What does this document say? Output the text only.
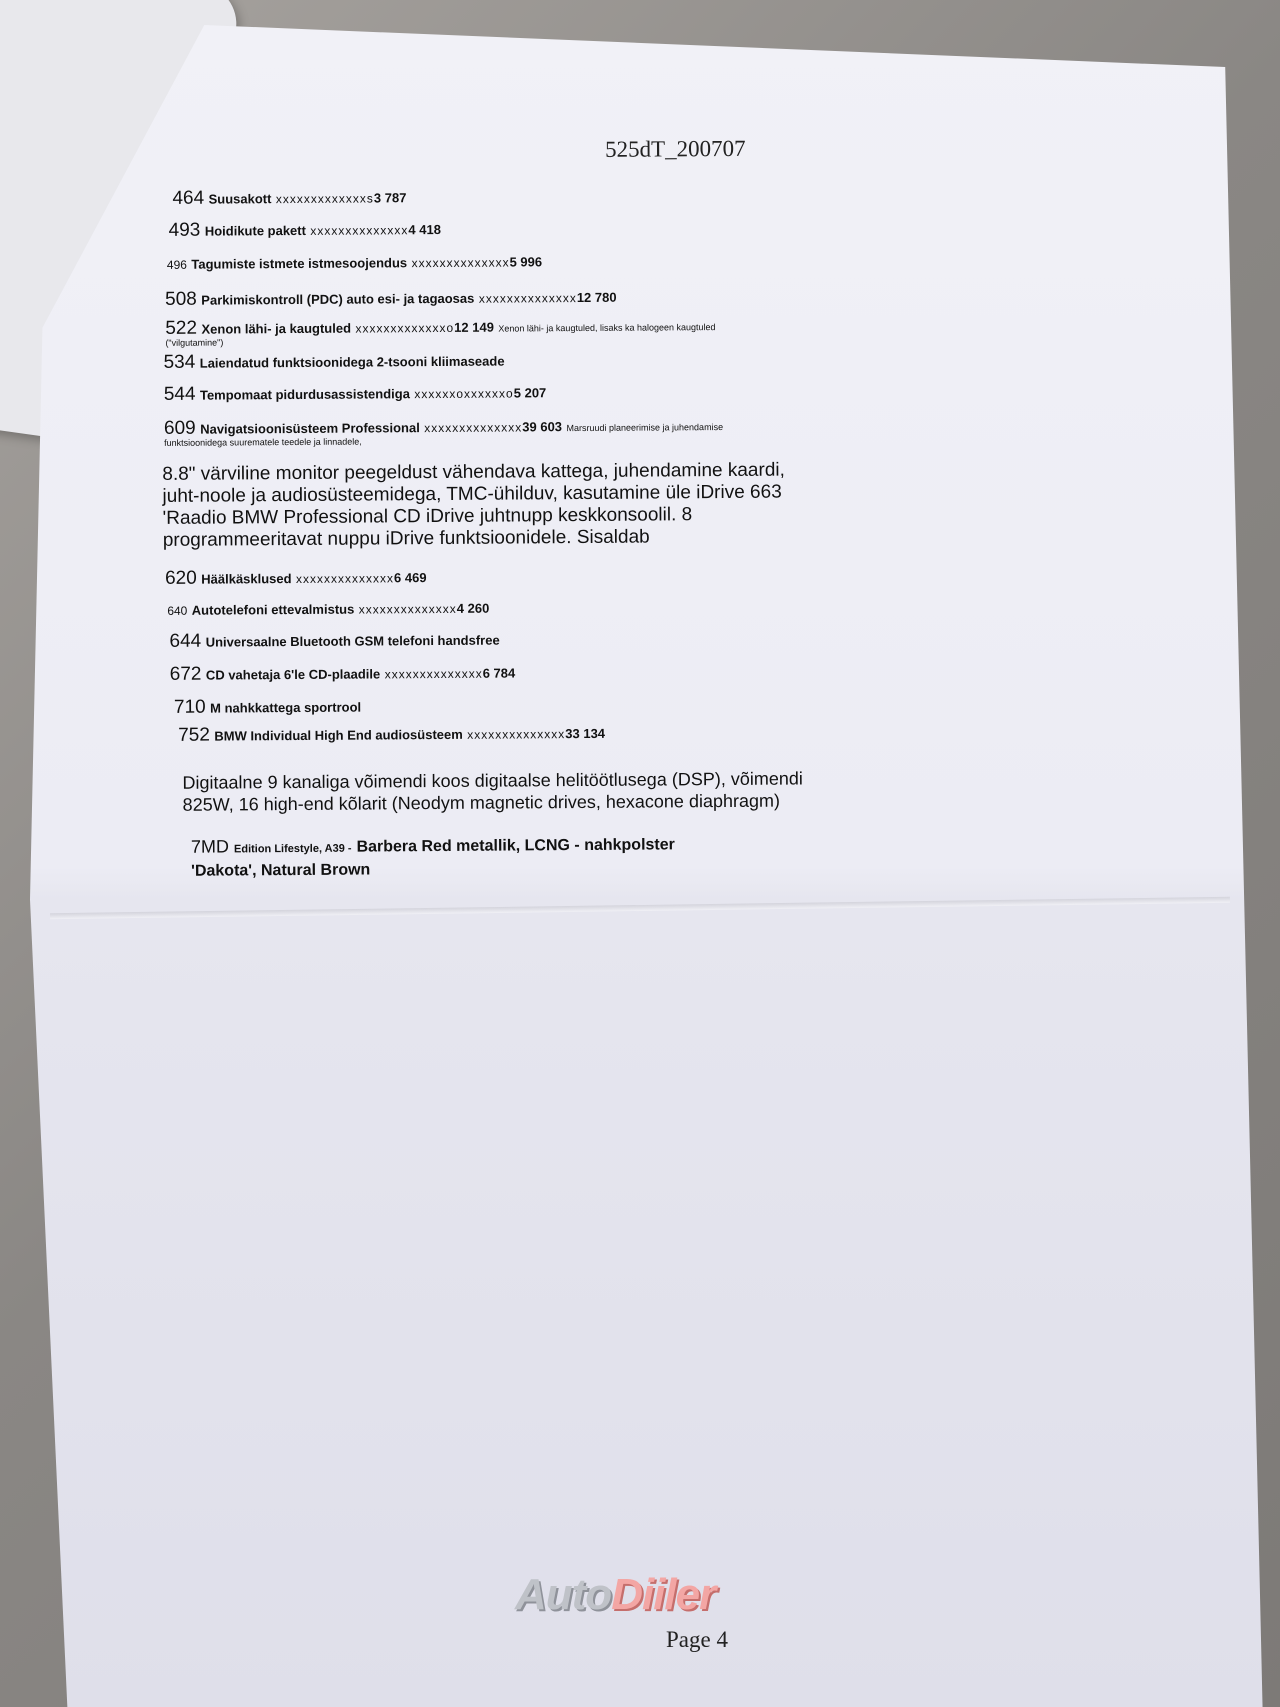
525dT_200707
464 Suusakott xxxxxxxxxxxxxs3 787
493 Hoidikute pakett xxxxxxxxxxxxxx4 418
496 Tagumiste istmete istmesoojendus xxxxxxxxxxxxxx5 996
508 Parkimiskontroll (PDC) auto esi- ja tagaosas xxxxxxxxxxxxxx12 780
522 Xenon lähi- ja kaugtuled xxxxxxxxxxxxxo12 149 Xenon lähi- ja kaugtuled, lisaks ka halogeen kaugtuled
("vilgutamine")
534 Laiendatud funktsioonidega 2-tsooni kliimaseade
544 Tempomaat pidurdusassistendiga xxxxxxoxxxxxxo5 207
609 Navigatsioonisüsteem Professional xxxxxxxxxxxxxx39 603 Marsruudi planeerimise ja juhendamise
funktsioonidega suurematele teedele ja linnadele,
8.8" värviline monitor peegeldust vähendava kattega, juhendamine kaardi,
juht-noole ja audiosüsteemidega, TMC-ühilduv, kasutamine üle iDrive 663
'Raadio BMW Professional CD iDrive juhtnupp keskkonsoolil. 8
programmeeritavat nuppu iDrive funktsioonidele. Sisaldab
620 Häälkäsklused xxxxxxxxxxxxxx6 469
640 Autotelefoni ettevalmistus xxxxxxxxxxxxxx4 260
644 Universaalne Bluetooth GSM telefoni handsfree
672 CD vahetaja 6'le CD-plaadile xxxxxxxxxxxxxx6 784
710 M nahkkattega sportrool
752 BMW Individual High End audiosüsteem xxxxxxxxxxxxxx33 134
Digitaalne 9 kanaliga võimendi koos digitaalse helitöötlusega (DSP), võimendi
825W, 16 high-end kõlarit (Neodym magnetic drives, hexacone diaphragm)
7MD Edition Lifestyle, A39 - Barbera Red metallik, LCNG - nahkpolster
'Dakota', Natural Brown
AutoDiiler
Page 4
